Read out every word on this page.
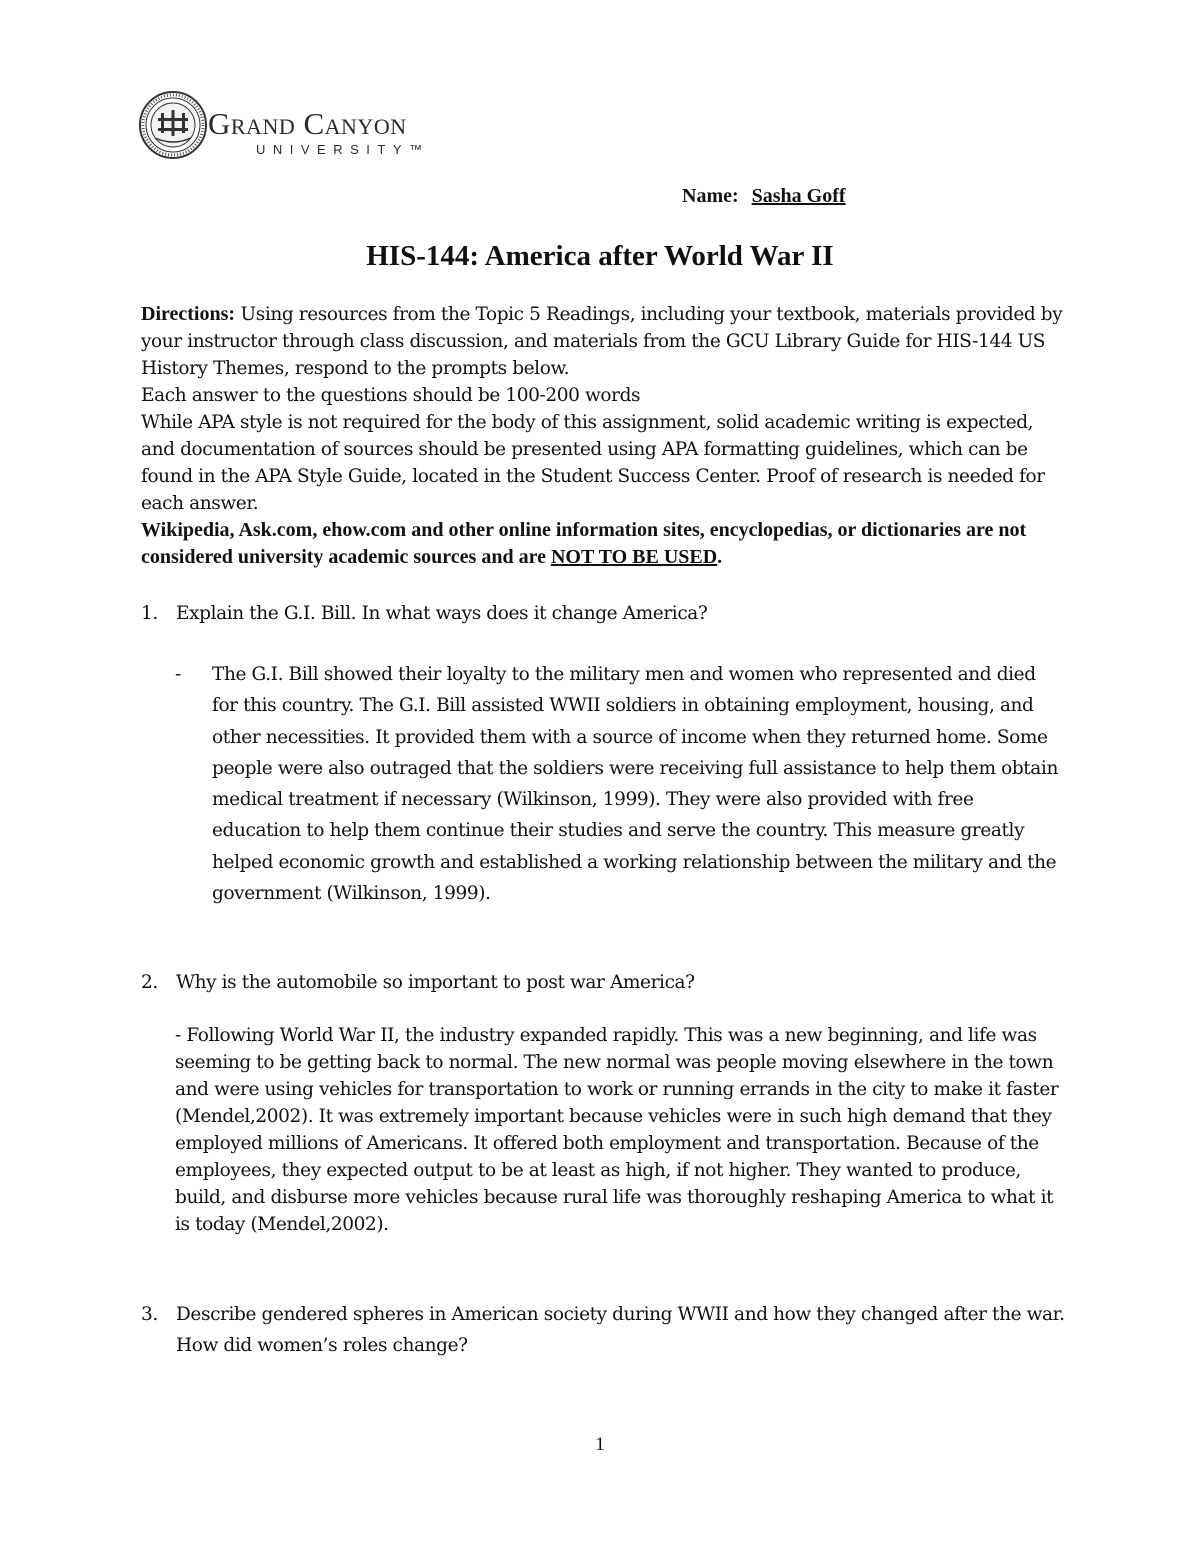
Grand Canyon
UNIVERSITY™
Name: Sasha Goff
HIS-144: America after World War II

Directions: Using resources from the Topic 5 Readings, including your textbook, materials provided by your instructor through class discussion, and materials from the GCU Library Guide for HIS-144 US History Themes, respond to the prompts below.

Each answer to the questions should be 100-200 words

While APA style is not required for the body of this assignment, solid academic writing is expected, and documentation of sources should be presented using APA formatting guidelines, which can be found in the APA Style Guide, located in the Student Success Center. Proof of research is needed for each answer.

Wikipedia, Ask.com, ehow.com and other online information sites, encyclopedias, or dictionaries are not considered university academic sources and are NOT TO BE USED.

1. Explain the G.I. Bill. In what ways does it change America?
- The G.I. Bill showed their loyalty to the military men and women who represented and died for this country. The G.I. Bill assisted WWII soldiers in obtaining employment, housing, and other necessities. It provided them with a source of income when they returned home. Some people were also outraged that the soldiers were receiving full assistance to help them obtain medical treatment if necessary (Wilkinson, 1999). They were also provided with free education to help them continue their studies and serve the country. This measure greatly helped economic growth and established a working relationship between the military and the government (Wilkinson, 1999).
2. Why is the automobile so important to post war America?
- Following World War II, the industry expanded rapidly. This was a new beginning, and life was seeming to be getting back to normal. The new normal was people moving elsewhere in the town and were using vehicles for transportation to work or running errands in the city to make it faster (Mendel,2002). It was extremely important because vehicles were in such high demand that they employed millions of Americans. It offered both employment and transportation. Because of the employees, they expected output to be at least as high, if not higher. They wanted to produce, build, and disburse more vehicles because rural life was thoroughly reshaping America to what it is today (Mendel,2002).
3. Describe gendered spheres in American society during WWII and how they changed after the war. How did women’s roles change?
1
